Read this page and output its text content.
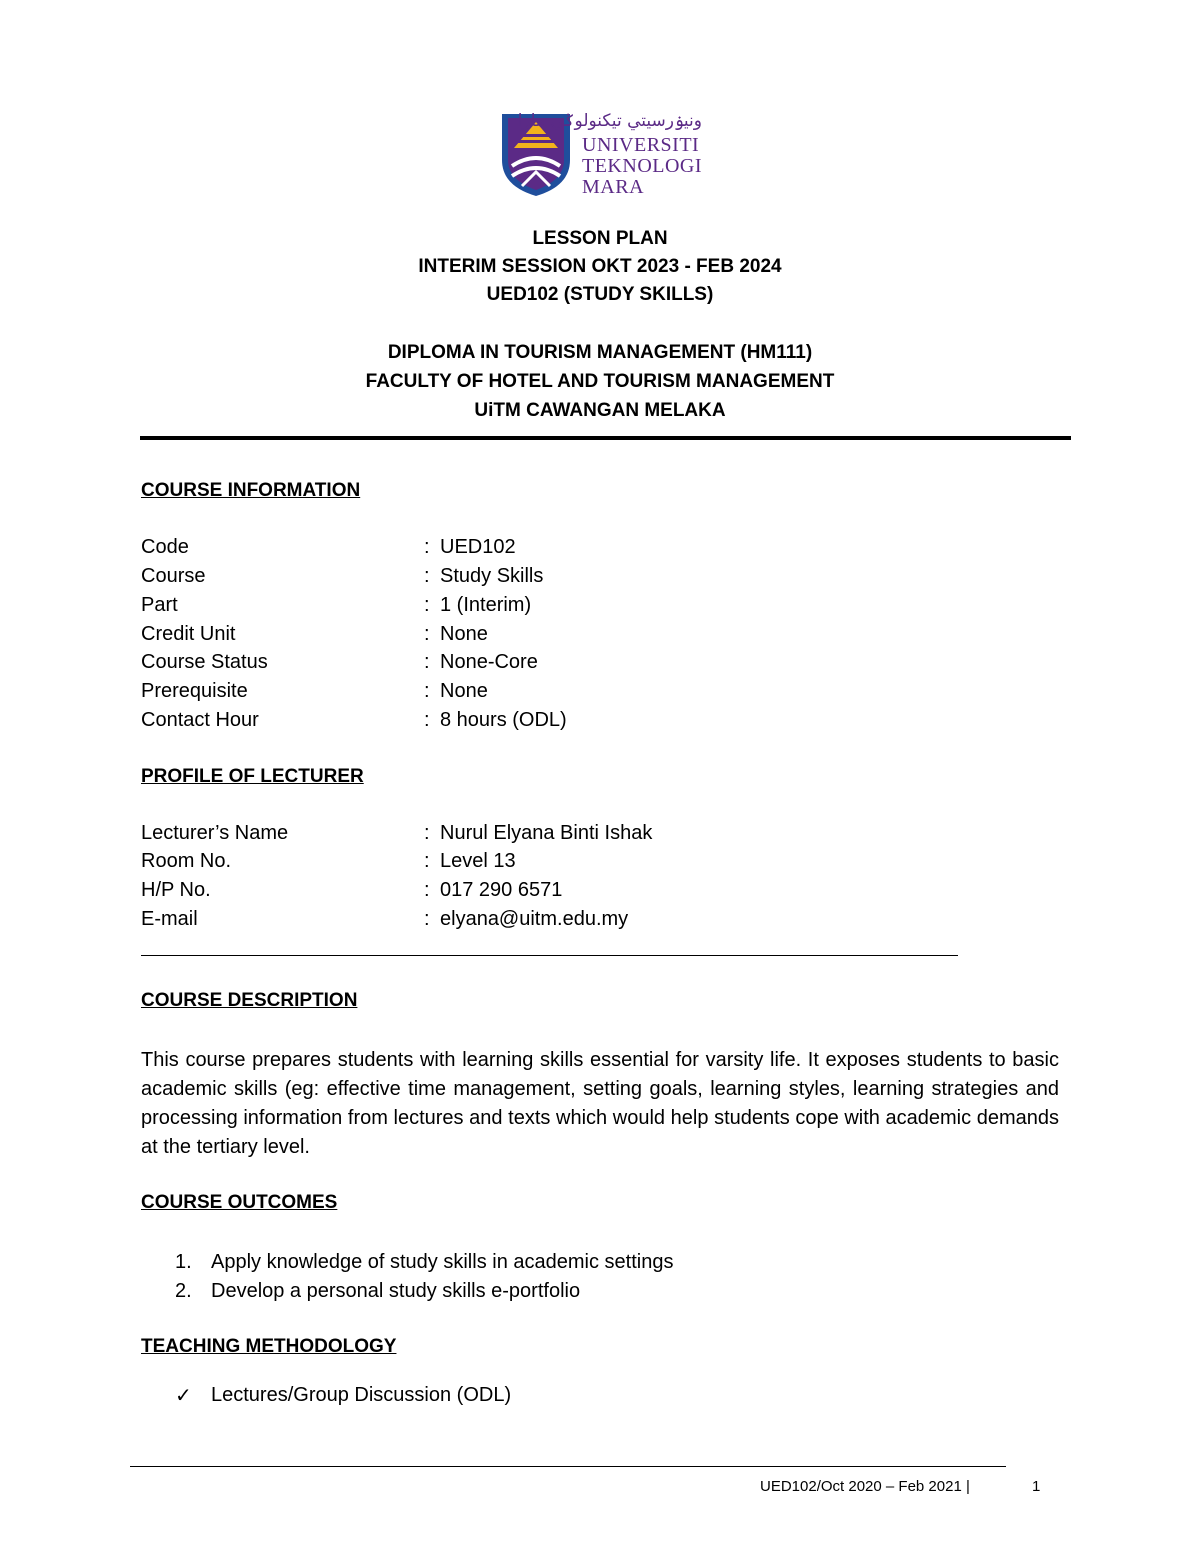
ونيۏرسيتي تيكنولوݢي مارا
UNIVERSITI
TEKNOLOGI
MARA
LESSON PLAN
INTERIM SESSION OKT 2023 - FEB 2024
UED102 (STUDY SKILLS)
DIPLOMA IN TOURISM MANAGEMENT (HM111)
FACULTY OF HOTEL AND TOURISM MANAGEMENT
UiTM CAWANGAN MELAKA
COURSE INFORMATION
Code	: UED102
Course	: Study Skills
Part	: 1 (Interim)
Credit Unit	: None
Course Status	: None-Core
Prerequisite	: None
Contact Hour	: 8 hours (ODL)
PROFILE OF LECTURER
Lecturer’s Name	: Nurul Elyana Binti Ishak
Room No.	: Level 13
H/P No.	: 017 290 6571
E-mail	: elyana@uitm.edu.my
COURSE DESCRIPTION
This course prepares students with learning skills essential for varsity life. It exposes students to basic academic skills (eg: effective time management, setting goals, learning styles, learning strategies and processing information from lectures and texts which would help students cope with academic demands at the tertiary level.
COURSE OUTCOMES
1. Apply knowledge of study skills in academic settings
2. Develop a personal study skills e-portfolio
TEACHING METHODOLOGY
✓ Lectures/Group Discussion (ODL)
UED102/Oct 2020 – Feb 2021 |	1
